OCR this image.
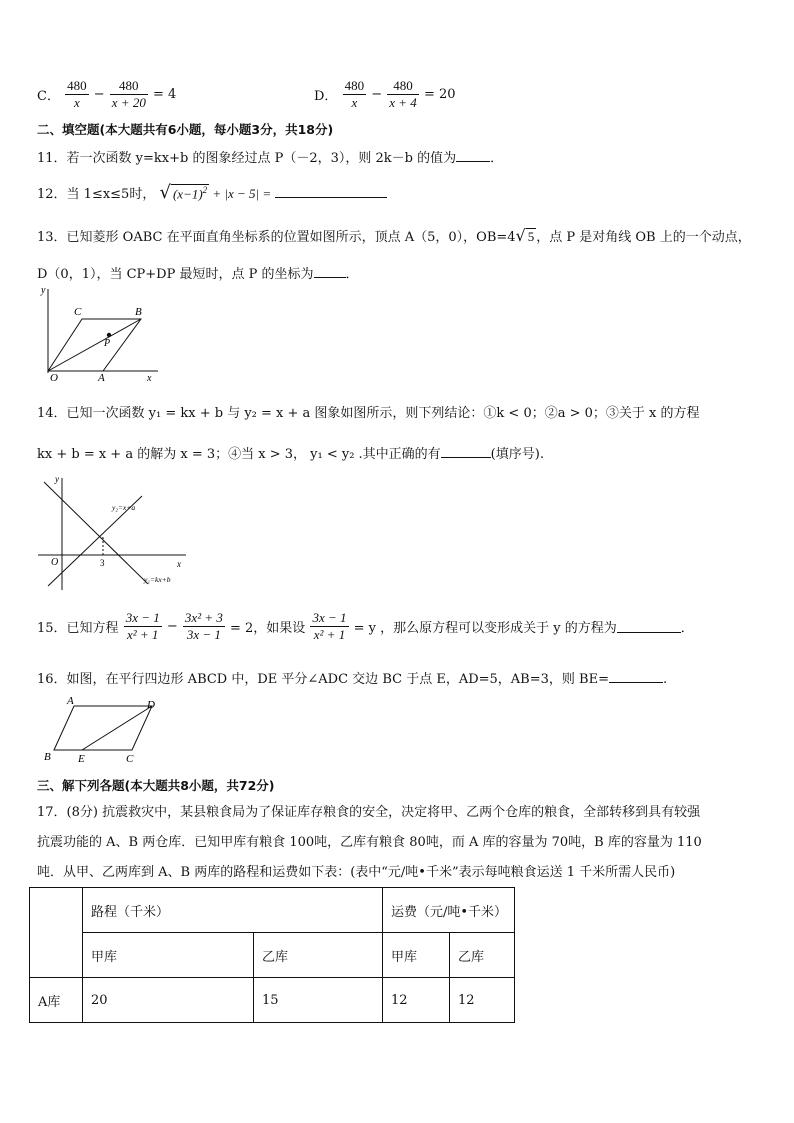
C． $\frac{480}{x} - \frac{480}{x + 20} = 4$	D． $\frac{480}{x} - \frac{480}{x + 4} = 20$
二、填空题(本大题共有6小题，每小题3分，共18分)
11．若一次函数 y=kx+b 的图象经过点 P（－2，3），则 2k－b 的值为	．
12．当 1≤x≤5时， √ $(x-1)^2 + |x - 5|$ =
13．已知菱形 OABC 在平面直角坐标系的位置如图所示，顶点 A（5，0），OB=4√ 5 ，点 P 是对角线 OB 上的一个动点，
D（0，1），当 CP+DP 最短时，点 P 的坐标为 ．
y
C	B
P
O	A	x
14．已知一次函数 y₁ = kx + b 与 y₂ = x + a 图象如图所示，则下列结论：①k < 0；②a > 0；③关于 x 的方程
kx + b = x + a 的解为 x = 3；④当 x > 3， y₁ < y₂ .其中正确的有	(填序号).
y
y₂=x+a
O	3	x
y₁=kx+b
15．已知方程 $\frac{3x - 1}{\text{x² + 1}} - \frac{\text{3x² + 3}}{3x - 1} = 2$，如果设 $\frac{3x - 1}{\text{x² + 1}} = y$ ，那么原方程可以变形成关于 y 的方程为	．
16．如图，在平行四边形 ABCD 中，DE 平分∠ADC 交边 BC 于点 E，AD=5，AB=3，则 BE=	.
A	D
B E	C
三、解下列各题(本大题共8小题，共72分)
17．(8分) 抗震救灾中，某县粮食局为了保证库存粮食的安全，决定将甲、乙两个仓库的粮食，全部转移到具有较强
抗震功能的 A、B 两仓库．已知甲库有粮食 100吨，乙库有粮食 80吨，而 A 库的容量为 70吨，B 库的容量为 110
吨．从甲、乙两库到 A、B 两库的路程和运费如下表：(表中“元/吨•千米”表示每吨粮食运送 1 千米所需人民币)
	路程（千米）		运费（元/吨•千米）	
	甲库	乙库	甲库	乙库
A库	20	15	12	12
